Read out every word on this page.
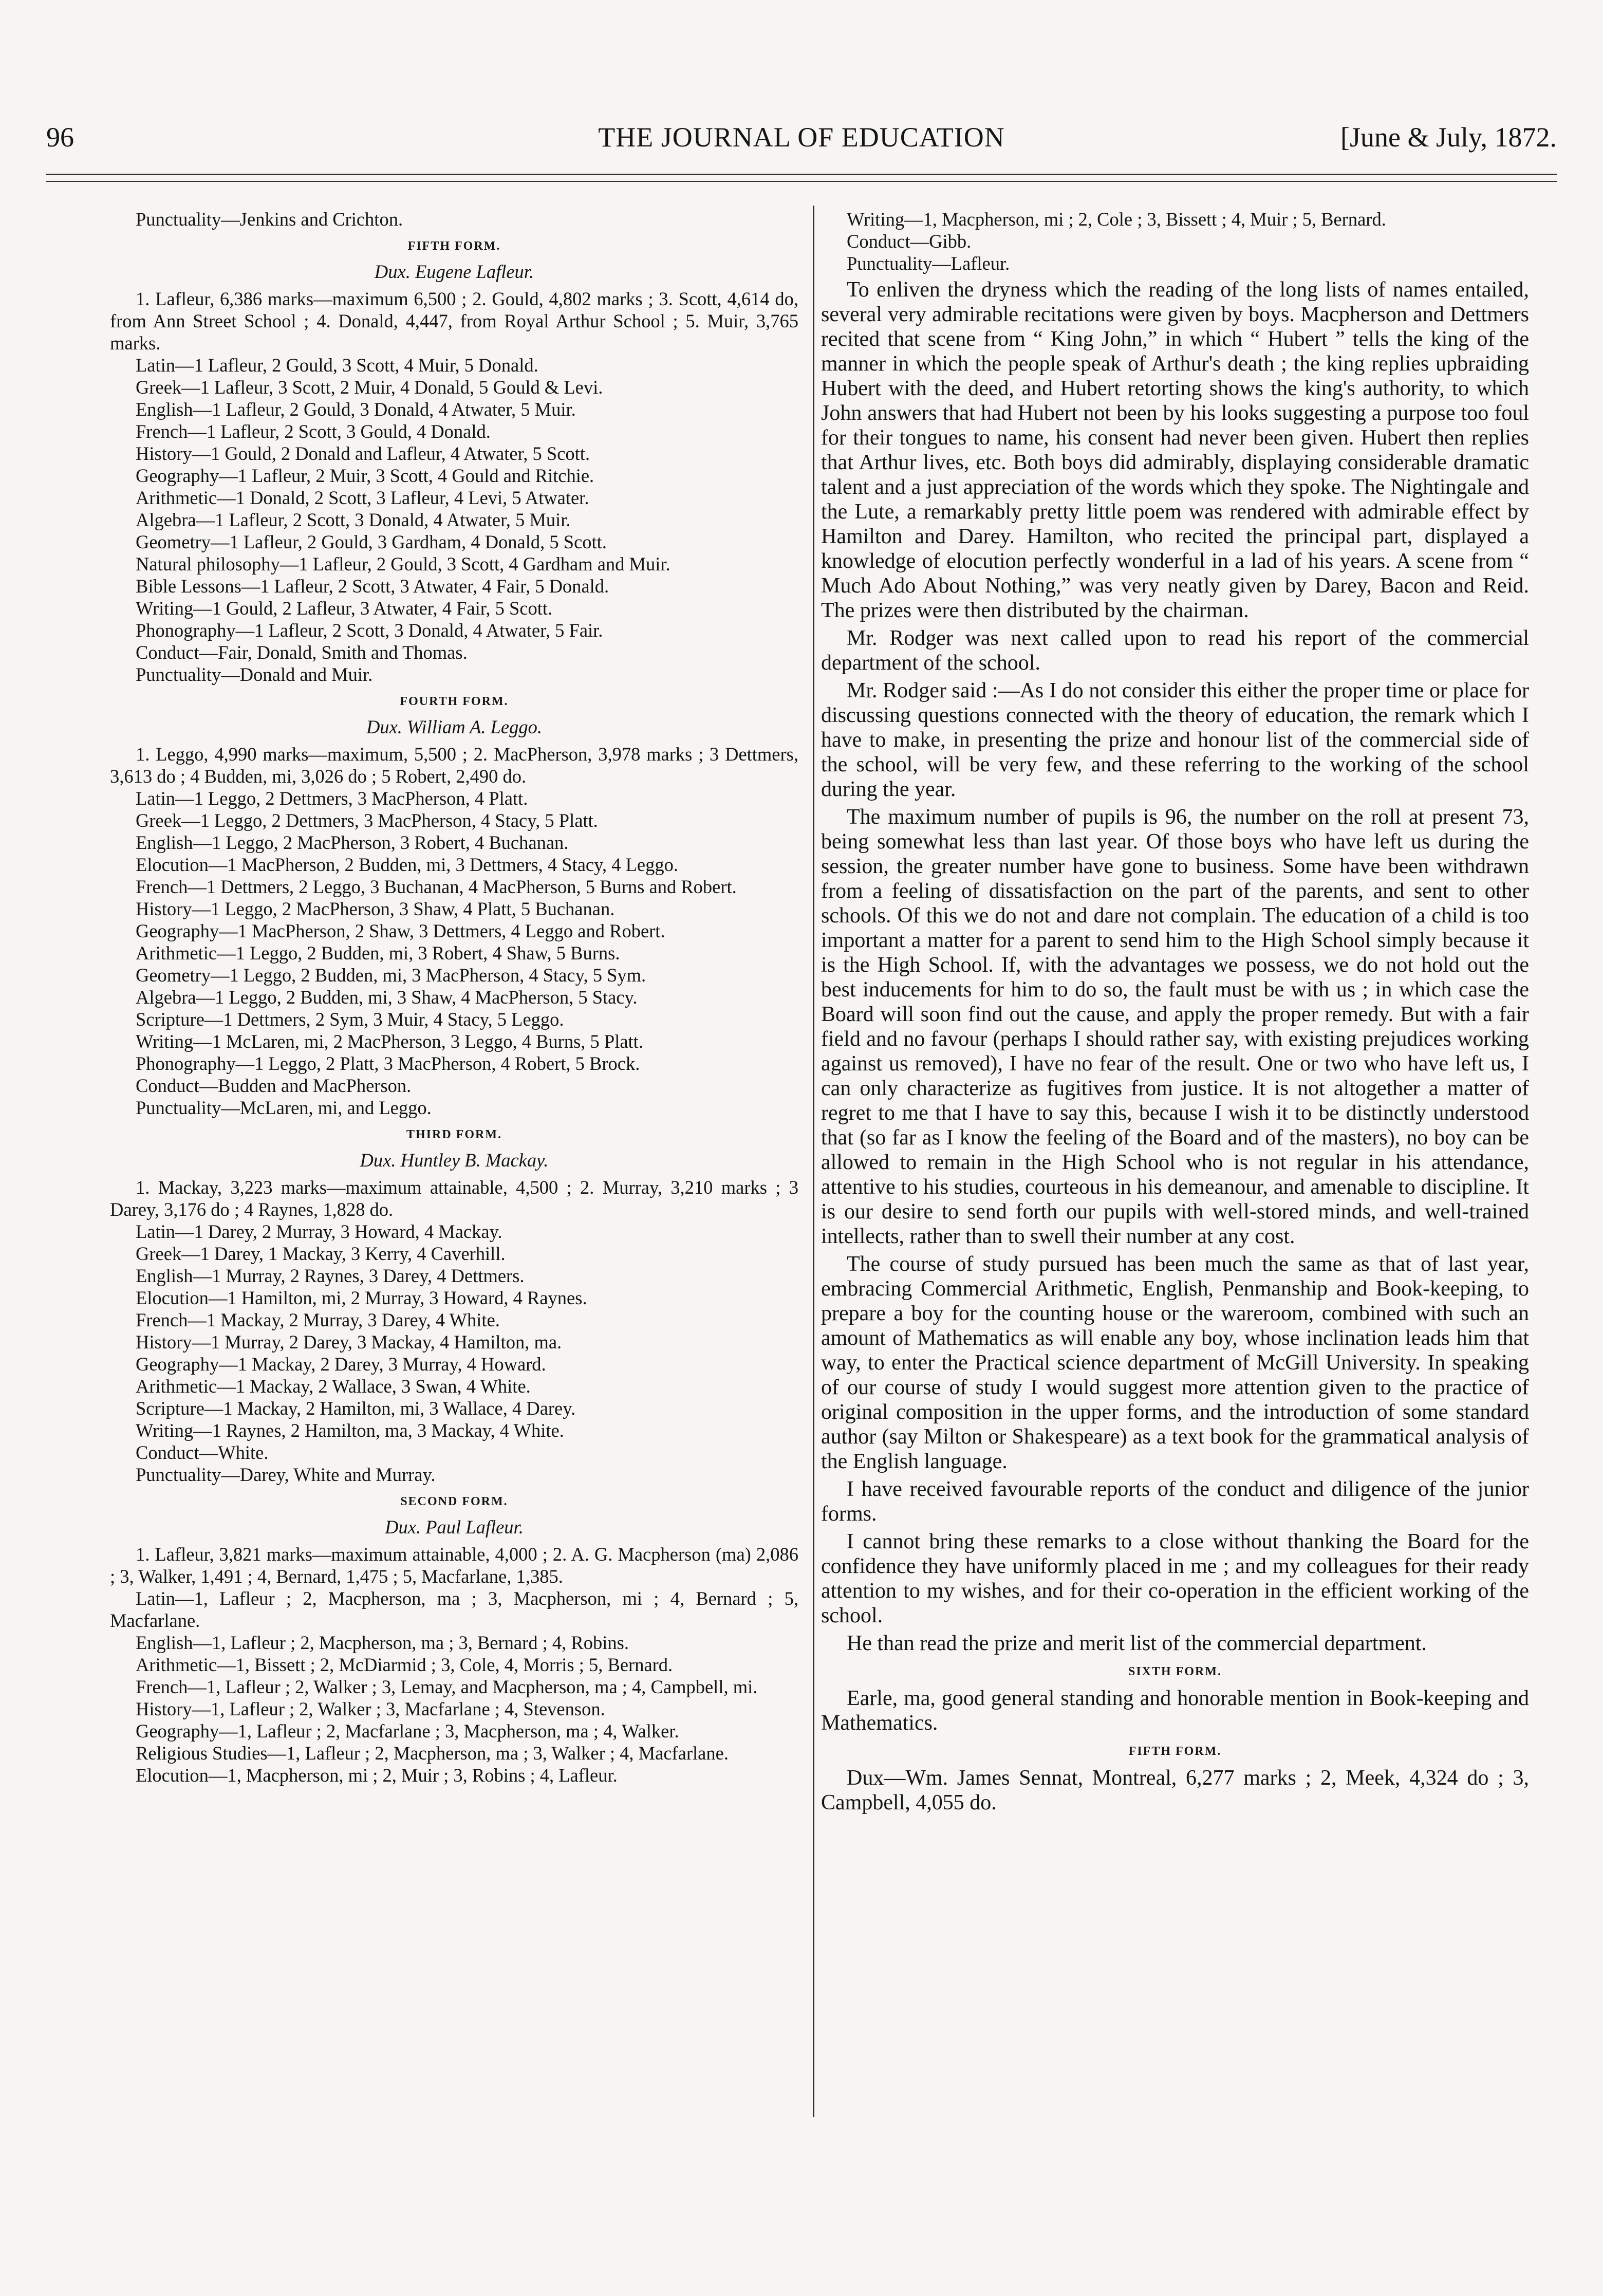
96	THE JOURNAL OF EDUCATION	[June & July, 1872.

Punctuality—Jenkins and Crichton.

FIFTH FORM.

Dux. Eugene Lafleur.

1. Lafleur, 6,386 marks—maximum 6,500 ; 2. Gould, 4,802 marks ; 3. Scott, 4,614 do, from Ann Street School ; 4. Donald, 4,447, from Royal Arthur School ; 5. Muir, 3,765 marks.

Latin—1 Lafleur, 2 Gould, 3 Scott, 4 Muir, 5 Donald.

Greek—1 Lafleur, 3 Scott, 2 Muir, 4 Donald, 5 Gould & Levi.

English—1 Lafleur, 2 Gould, 3 Donald, 4 Atwater, 5 Muir.

French—1 Lafleur, 2 Scott, 3 Gould, 4 Donald.

History—1 Gould, 2 Donald and Lafleur, 4 Atwater, 5 Scott.

Geography—1 Lafleur, 2 Muir, 3 Scott, 4 Gould and Ritchie.

Arithmetic—1 Donald, 2 Scott, 3 Lafleur, 4 Levi, 5 Atwater.

Algebra—1 Lafleur, 2 Scott, 3 Donald, 4 Atwater, 5 Muir.

Geometry—1 Lafleur, 2 Gould, 3 Gardham, 4 Donald, 5 Scott.

Natural philosophy—1 Lafleur, 2 Gould, 3 Scott, 4 Gardham and Muir.

Bible Lessons—1 Lafleur, 2 Scott, 3 Atwater, 4 Fair, 5 Donald.

Writing—1 Gould, 2 Lafleur, 3 Atwater, 4 Fair, 5 Scott.

Phonography—1 Lafleur, 2 Scott, 3 Donald, 4 Atwater, 5 Fair.

Conduct—Fair, Donald, Smith and Thomas.

Punctuality—Donald and Muir.

FOURTH FORM.

Dux. William A. Leggo.

1. Leggo, 4,990 marks—maximum, 5,500 ; 2. MacPherson, 3,978 marks ; 3 Dettmers, 3,613 do ; 4 Budden, mi, 3,026 do ; 5 Robert, 2,490 do.

Latin—1 Leggo, 2 Dettmers, 3 MacPherson, 4 Platt.

Greek—1 Leggo, 2 Dettmers, 3 MacPherson, 4 Stacy, 5 Platt.

English—1 Leggo, 2 MacPherson, 3 Robert, 4 Buchanan.

Elocution—1 MacPherson, 2 Budden, mi, 3 Dettmers, 4 Stacy, 4 Leggo.

French—1 Dettmers, 2 Leggo, 3 Buchanan, 4 MacPherson, 5 Burns and Robert.

History—1 Leggo, 2 MacPherson, 3 Shaw, 4 Platt, 5 Buchanan.

Geography—1 MacPherson, 2 Shaw, 3 Dettmers, 4 Leggo and Robert.

Arithmetic—1 Leggo, 2 Budden, mi, 3 Robert, 4 Shaw, 5 Burns.

Geometry—1 Leggo, 2 Budden, mi, 3 MacPherson, 4 Stacy, 5 Sym.

Algebra—1 Leggo, 2 Budden, mi, 3 Shaw, 4 MacPherson, 5 Stacy.

Scripture—1 Dettmers, 2 Sym, 3 Muir, 4 Stacy, 5 Leggo.

Writing—1 McLaren, mi, 2 MacPherson, 3 Leggo, 4 Burns, 5 Platt.

Phonography—1 Leggo, 2 Platt, 3 MacPherson, 4 Robert, 5 Brock.

Conduct—Budden and MacPherson.

Punctuality—McLaren, mi, and Leggo.

THIRD FORM.

Dux. Huntley B. Mackay.

1. Mackay, 3,223 marks—maximum attainable, 4,500 ; 2. Murray, 3,210 marks ; 3 Darey, 3,176 do ; 4 Raynes, 1,828 do.

Latin—1 Darey, 2 Murray, 3 Howard, 4 Mackay.

Greek—1 Darey, 1 Mackay, 3 Kerry, 4 Caverhill.

English—1 Murray, 2 Raynes, 3 Darey, 4 Dettmers.

Elocution—1 Hamilton, mi, 2 Murray, 3 Howard, 4 Raynes.

French—1 Mackay, 2 Murray, 3 Darey, 4 White.

History—1 Murray, 2 Darey, 3 Mackay, 4 Hamilton, ma.

Geography—1 Mackay, 2 Darey, 3 Murray, 4 Howard.

Arithmetic—1 Mackay, 2 Wallace, 3 Swan, 4 White.

Scripture—1 Mackay, 2 Hamilton, mi, 3 Wallace, 4 Darey.

Writing—1 Raynes, 2 Hamilton, ma, 3 Mackay, 4 White.

Conduct—White.

Punctuality—Darey, White and Murray.

SECOND FORM.

Dux. Paul Lafleur.

1. Lafleur, 3,821 marks—maximum attainable, 4,000 ; 2. A. G. Macpherson (ma) 2,086 ; 3, Walker, 1,491 ; 4, Bernard, 1,475 ; 5, Macfarlane, 1,385.

Latin—1, Lafleur ; 2, Macpherson, ma ; 3, Macpherson, mi ; 4, Bernard ; 5, Macfarlane.

English—1, Lafleur ; 2, Macpherson, ma ; 3, Bernard ; 4, Robins.

Arithmetic—1, Bissett ; 2, McDiarmid ; 3, Cole, 4, Morris ; 5, Bernard.

French—1, Lafleur ; 2, Walker ; 3, Lemay, and Macpherson, ma ; 4, Campbell, mi.

History—1, Lafleur ; 2, Walker ; 3, Macfarlane ; 4, Stevenson.

Geography—1, Lafleur ; 2, Macfarlane ; 3, Macpherson, ma ; 4, Walker.

Religious Studies—1, Lafleur ; 2, Macpherson, ma ; 3, Walker ; 4, Macfarlane.

Elocution—1, Macpherson, mi ; 2, Muir ; 3, Robins ; 4, Lafleur.

Writing—1, Macpherson, mi ; 2, Cole ; 3, Bissett ; 4, Muir ; 5, Bernard.

Conduct—Gibb.

Punctuality—Lafleur.

To enliven the dryness which the reading of the long lists of names entailed, several very admirable recitations were given by boys. Macpherson and Dettmers recited that scene from “ King John,” in which “ Hubert ” tells the king of the manner in which the people speak of Arthur's death ; the king replies upbraiding Hubert with the deed, and Hubert retorting shows the king's authority, to which John answers that had Hubert not been by his looks suggesting a purpose too foul for their tongues to name, his consent had never been given. Hubert then replies that Arthur lives, etc. Both boys did admirably, displaying considerable dramatic talent and a just appreciation of the words which they spoke. The Nightingale and the Lute, a remarkably pretty little poem was rendered with admirable effect by Hamilton and Darey. Hamilton, who recited the principal part, displayed a knowledge of elocution perfectly wonderful in a lad of his years. A scene from “ Much Ado About Nothing,” was very neatly given by Darey, Bacon and Reid. The prizes were then distributed by the chairman.

Mr. Rodger was next called upon to read his report of the commercial department of the school.

Mr. Rodger said :—As I do not consider this either the proper time or place for discussing questions connected with the theory of education, the remark which I have to make, in presenting the prize and honour list of the commercial side of the school, will be very few, and these referring to the working of the school during the year.

The maximum number of pupils is 96, the number on the roll at present 73, being somewhat less than last year. Of those boys who have left us during the session, the greater number have gone to business. Some have been withdrawn from a feeling of dissatisfaction on the part of the parents, and sent to other schools. Of this we do not and dare not complain. The education of a child is too important a matter for a parent to send him to the High School simply because it is the High School. If, with the advantages we possess, we do not hold out the best inducements for him to do so, the fault must be with us ; in which case the Board will soon find out the cause, and apply the proper remedy. But with a fair field and no favour (perhaps I should rather say, with existing prejudices working against us removed), I have no fear of the result. One or two who have left us, I can only characterize as fugitives from justice. It is not altogether a matter of regret to me that I have to say this, because I wish it to be distinctly understood that (so far as I know the feeling of the Board and of the masters), no boy can be allowed to remain in the High School who is not regular in his attendance, attentive to his studies, courteous in his demeanour, and amenable to discipline. It is our desire to send forth our pupils with well-stored minds, and well-trained intellects, rather than to swell their number at any cost.

The course of study pursued has been much the same as that of last year, embracing Commercial Arithmetic, English, Penmanship and Book-keeping, to prepare a boy for the counting house or the wareroom, combined with such an amount of Mathematics as will enable any boy, whose inclination leads him that way, to enter the Practical science department of McGill University. In speaking of our course of study I would suggest more attention given to the practice of original composition in the upper forms, and the introduction of some standard author (say Milton or Shakespeare) as a text book for the grammatical analysis of the English language.

I have received favourable reports of the conduct and diligence of the junior forms.

I cannot bring these remarks to a close without thanking the Board for the confidence they have uniformly placed in me ; and my colleagues for their ready attention to my wishes, and for their co-operation in the efficient working of the school.

He than read the prize and merit list of the commercial department.

SIXTH FORM.

Earle, ma, good general standing and honorable mention in Book-keeping and Mathematics.

FIFTH FORM.

Dux—Wm. James Sennat, Montreal, 6,277 marks ; 2, Meek, 4,324 do ; 3, Campbell, 4,055 do.
